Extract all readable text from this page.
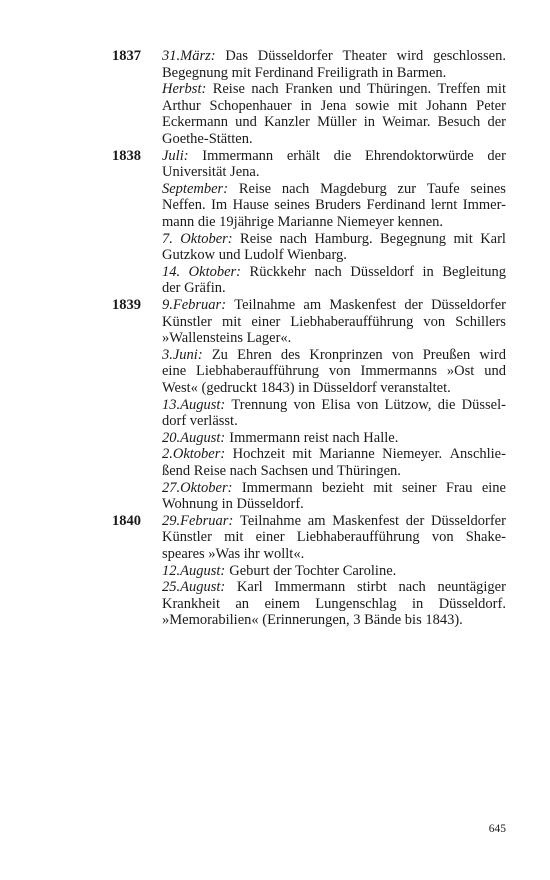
1837 31.März: Das Düsseldorfer Theater wird geschlossen.
Begegnung mit Ferdinand Freiligrath in Barmen.
Herbst: Reise nach Franken und Thüringen. Treffen mit
Arthur Schopenhauer in Jena sowie mit Johann Peter
Eckermann und Kanzler Müller in Weimar. Besuch der
Goethe-Stätten.
1838 Juli: Immermann erhält die Ehrendoktorwürde der
Universität Jena.
September: Reise nach Magdeburg zur Taufe seines
Neffen. Im Hause seines Bruders Ferdinand lernt Immer-
mann die 19jährige Marianne Niemeyer kennen.
7. Oktober: Reise nach Hamburg. Begegnung mit Karl
Gutzkow und Ludolf Wienbarg.
14. Oktober: Rückkehr nach Düsseldorf in Begleitung
der Gräfin.
1839 9.Februar: Teilnahme am Maskenfest der Düsseldorfer
Künstler mit einer Liebhaberaufführung von Schillers
»Wallensteins Lager«.
3.Juni: Zu Ehren des Kronprinzen von Preußen wird
eine Liebhaberaufführung von Immermanns »Ost und
West« (gedruckt 1843) in Düsseldorf veranstaltet.
13.August: Trennung von Elisa von Lützow, die Düssel-
dorf verlässt.
20.August: Immermann reist nach Halle.
2.Oktober: Hochzeit mit Marianne Niemeyer. Anschlie-
ßend Reise nach Sachsen und Thüringen.
27.Oktober: Immermann bezieht mit seiner Frau eine
Wohnung in Düsseldorf.
1840 29.Februar: Teilnahme am Maskenfest der Düsseldorfer
Künstler mit einer Liebhaberaufführung von Shake-
speares »Was ihr wollt«.
12.August: Geburt der Tochter Caroline.
25.August: Karl Immermann stirbt nach neuntägiger
Krankheit an einem Lungenschlag in Düsseldorf.
»Memorabilien« (Erinnerungen, 3 Bände bis 1843).
645
